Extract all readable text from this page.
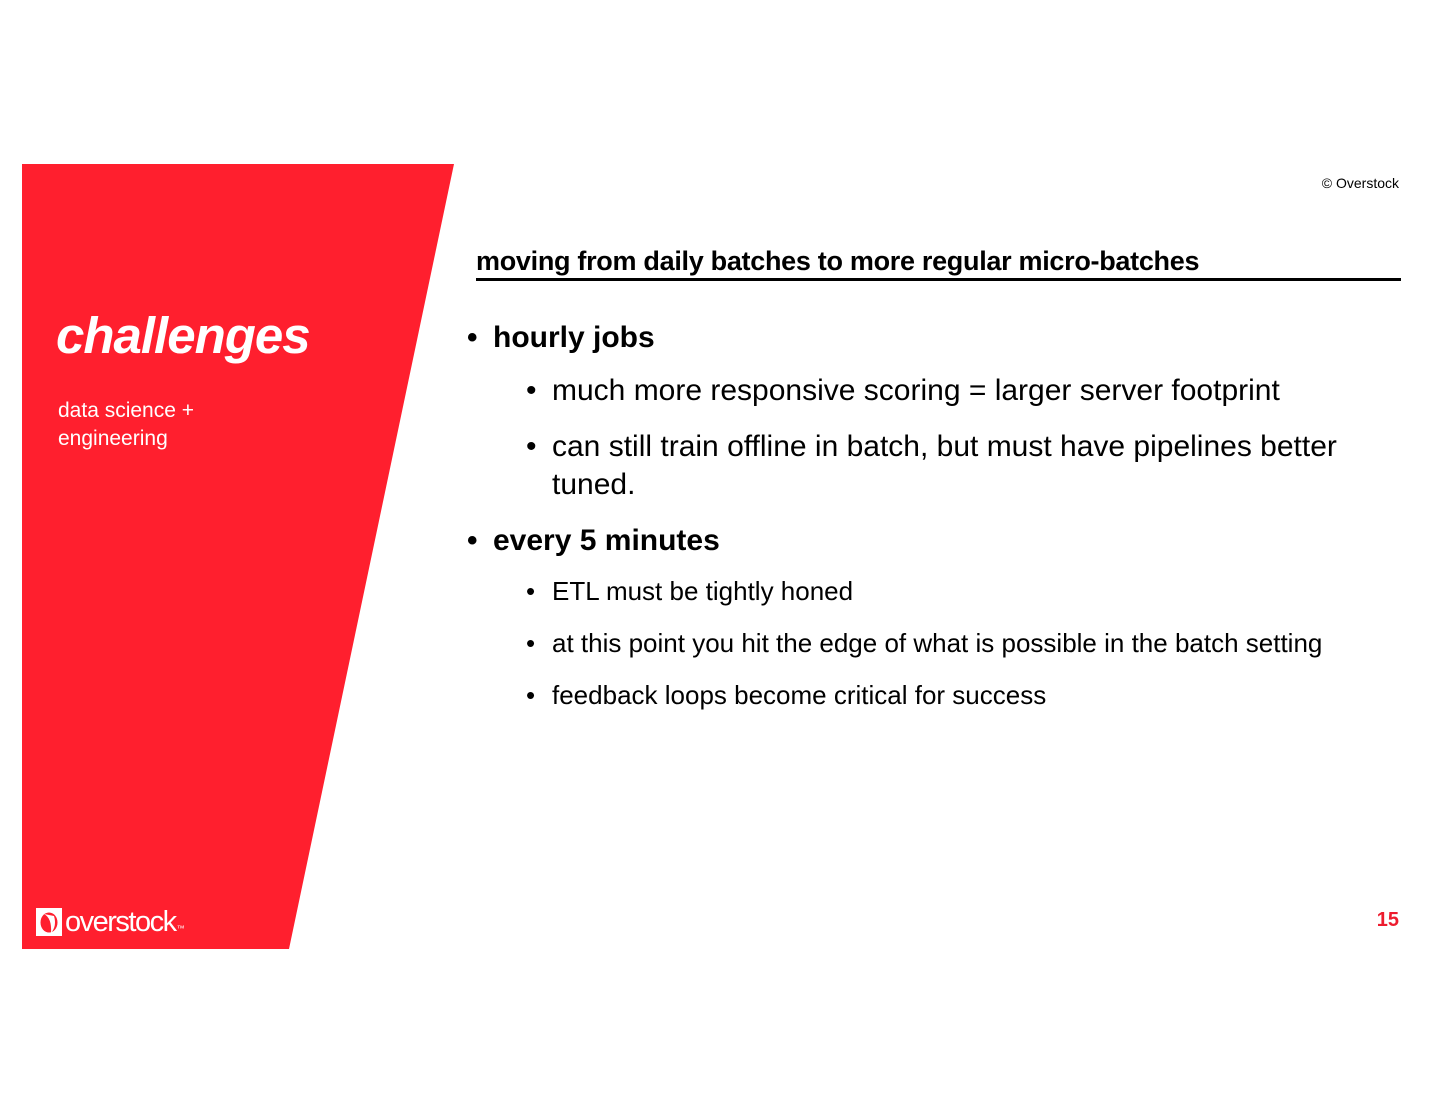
challenges

data science + engineering

overstock ™
© Overstock
moving from daily batches to more regular micro-batches
• hourly jobs
• much more responsive scoring = larger server footprint
• can still train offline in batch, but must have pipelines better tuned.
• every 5 minutes
• ETL must be tightly honed
• at this point you hit the edge of what is possible in the batch setting
• feedback loops become critical for success
15
